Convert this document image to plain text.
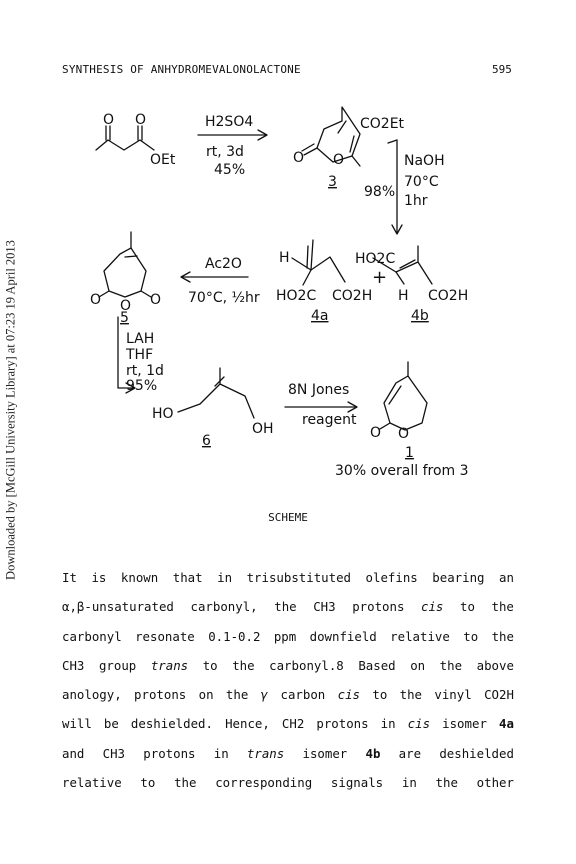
Downloaded by [McGill University Library] at 07:23 19 April 2013
SYNTHESIS OF ANHYDROMEVALONOLACTONE	595
OEt
O O	H2SO4
rt, 3d
45%
CO2Et
O
O
3
NaOH
70°C
1hr
98%
H
HO2C CO2H
4a
+
HO2C
H CO2H
4b
Ac2O
70°C, ½hr
O O O
5
LAH
THF
rt, 1d
95%
HO
OH
6
8N Jones
reagent
O O
1
30% overall from 3
SCHEME
It is known that in trisubstituted olefins bearing an
α,β-unsaturated carbonyl, the CH3 protons cis to the
carbonyl resonate 0.1-0.2 ppm downfield relative to the
CH3 group trans to the carbonyl.8 Based on the above
anology, protons on the γ carbon cis to the vinyl CO2H
will be deshielded. Hence, CH2 protons in cis isomer 4a
and CH3 protons in trans isomer 4b are deshielded
relative to the corresponding signals in the other
